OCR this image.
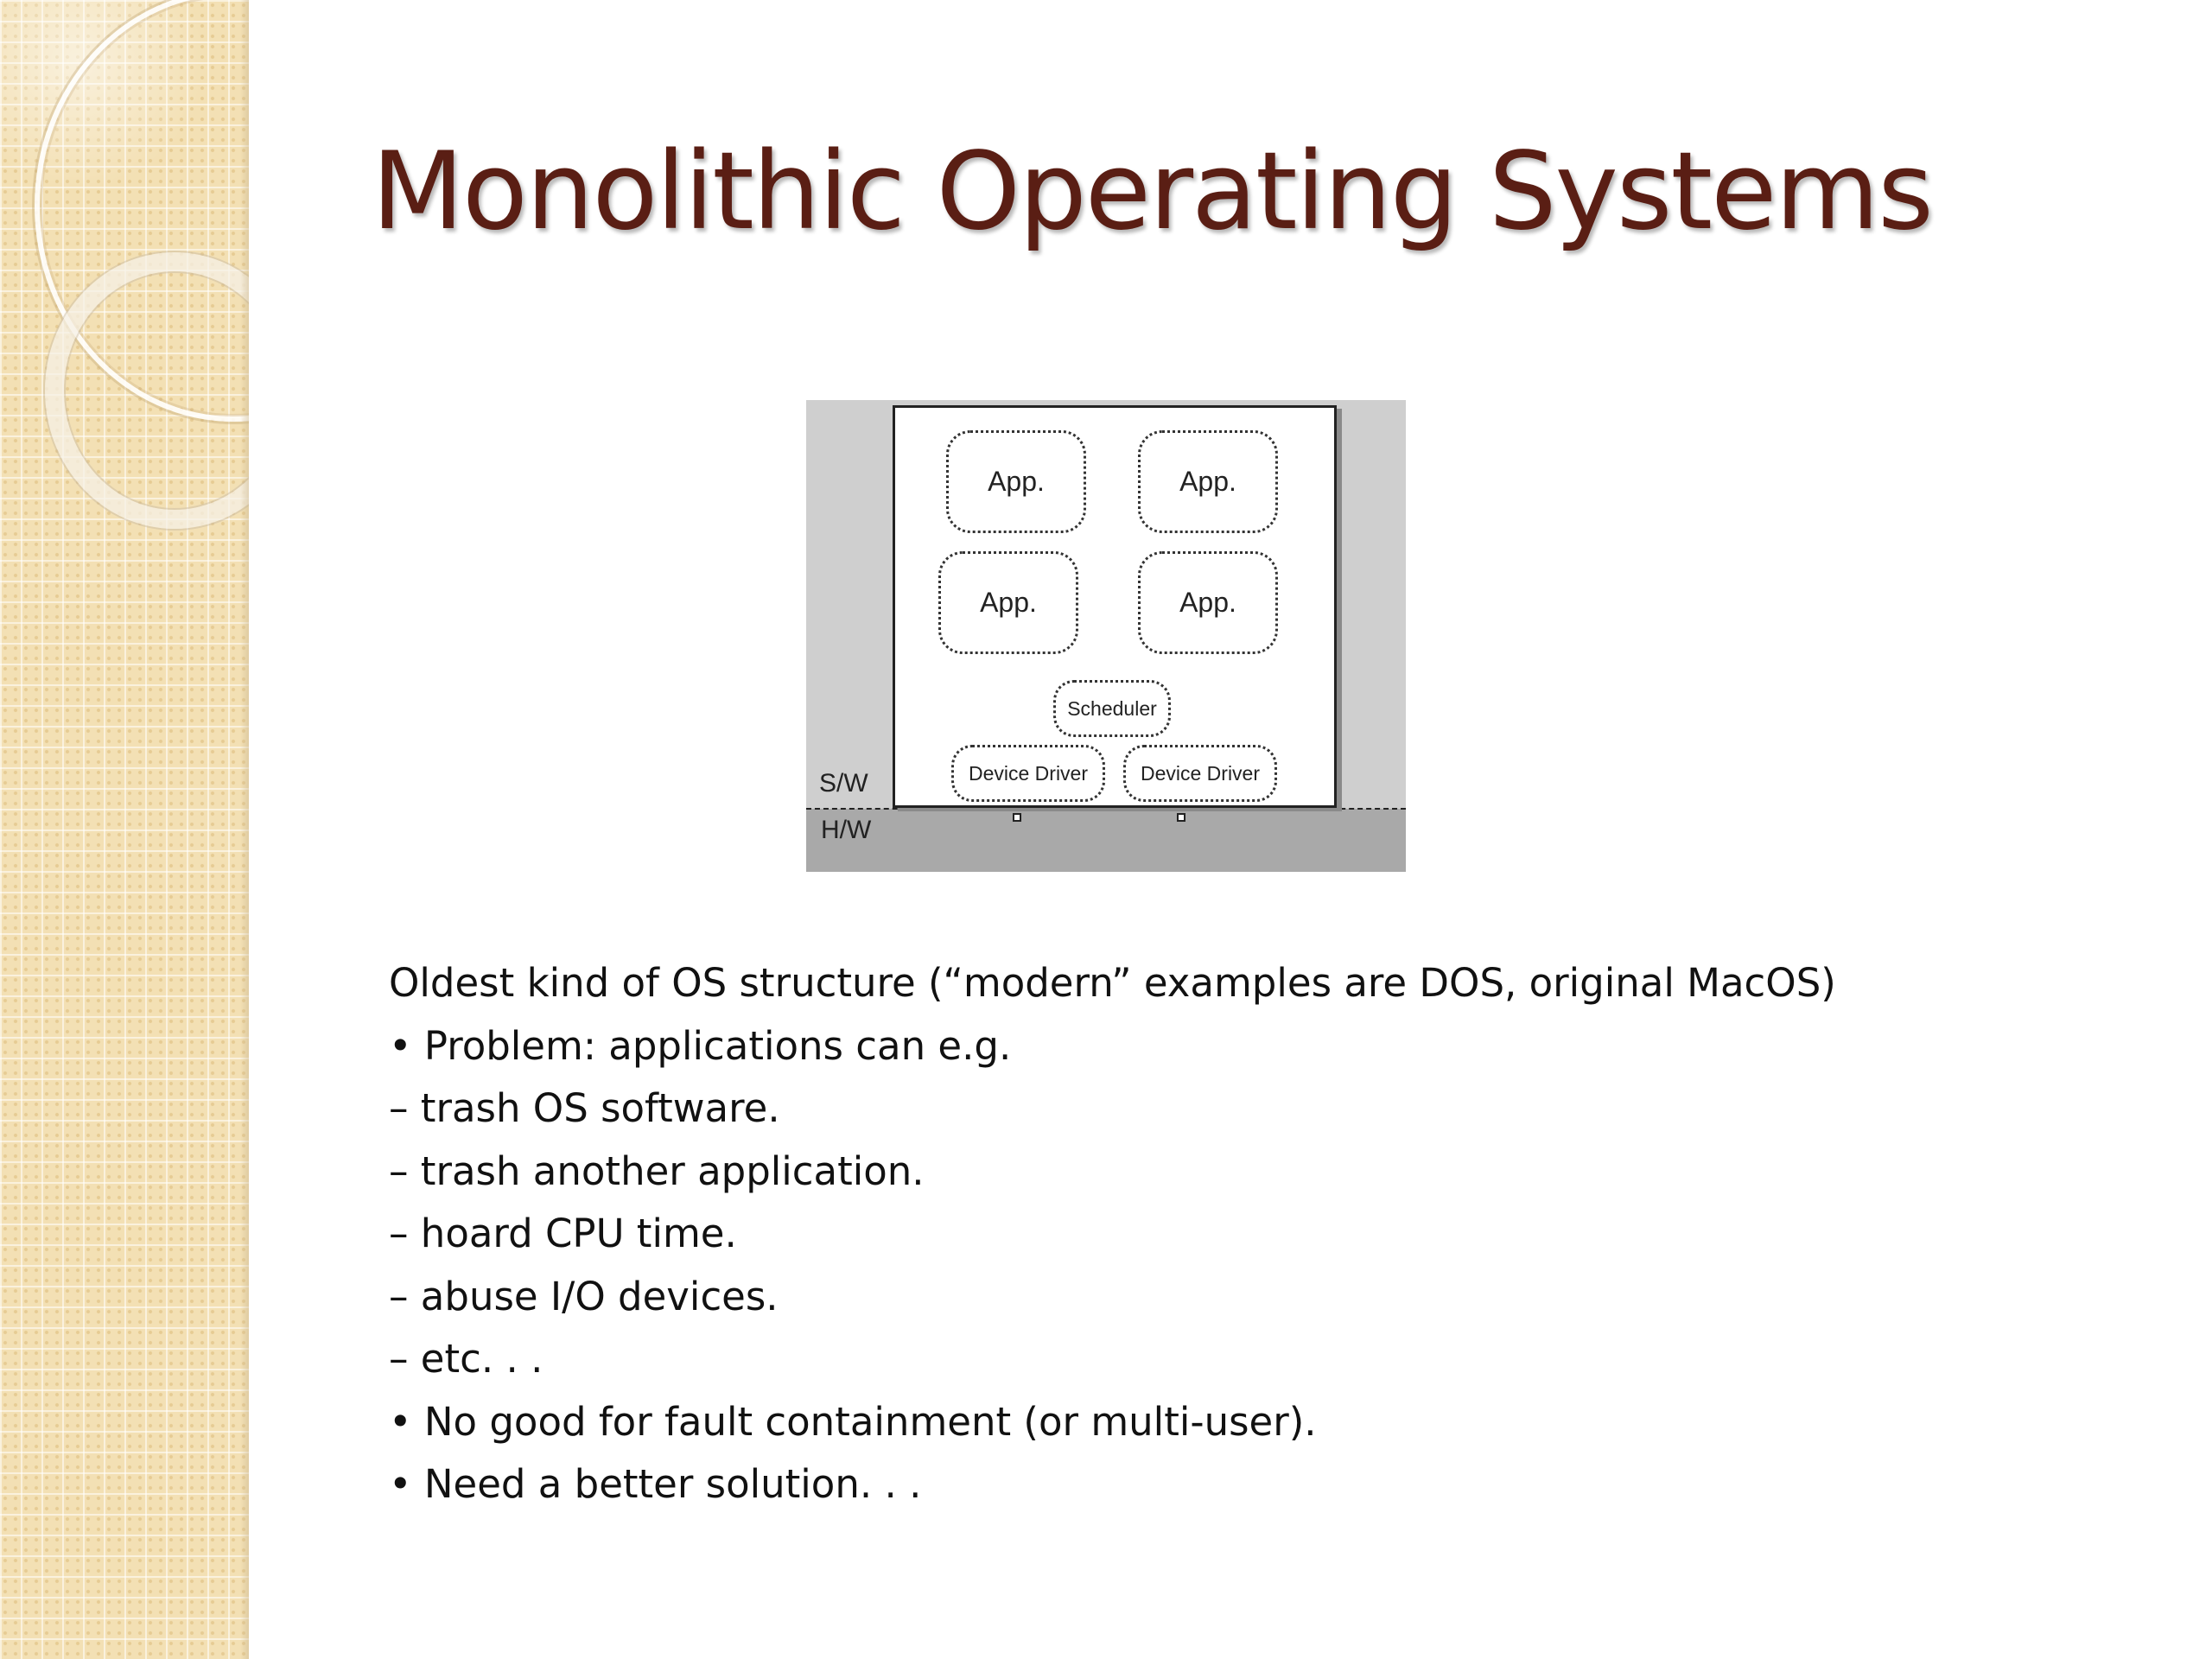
Monolithic Operating Systems
App.	App.
App.	App.
Scheduler
Device Driver	Device Driver
S/W
H/W
Oldest kind of OS structure (“modern” examples are DOS, original MacOS)
• Problem: applications can e.g.
– trash OS software.
– trash another application.
– hoard CPU time.
– abuse I/O devices.
– etc. . .
• No good for fault containment (or multi-user).
• Need a better solution. . .
